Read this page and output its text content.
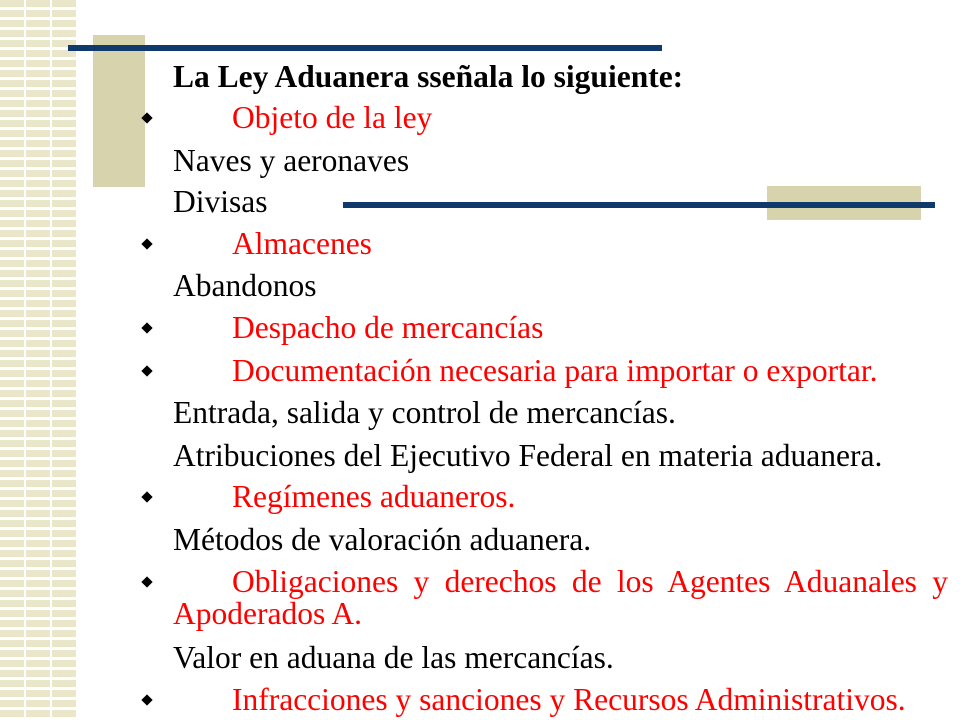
La Ley Aduanera sseñala lo siguiente:
Objeto de la ley
Naves y aeronaves
Divisas
Almacenes
Abandonos
Despacho de mercancías
Documentación necesaria para importar o exportar.
Entrada, salida y control de mercancías.
Atribuciones del Ejecutivo Federal en materia aduanera.
Regímenes aduaneros.
Métodos de valoración aduanera.
Obligaciones y derechos de los Agentes Aduanales y Apoderados A.
Valor en aduana de las mercancías.
Infracciones y sanciones y Recursos Administrativos.
